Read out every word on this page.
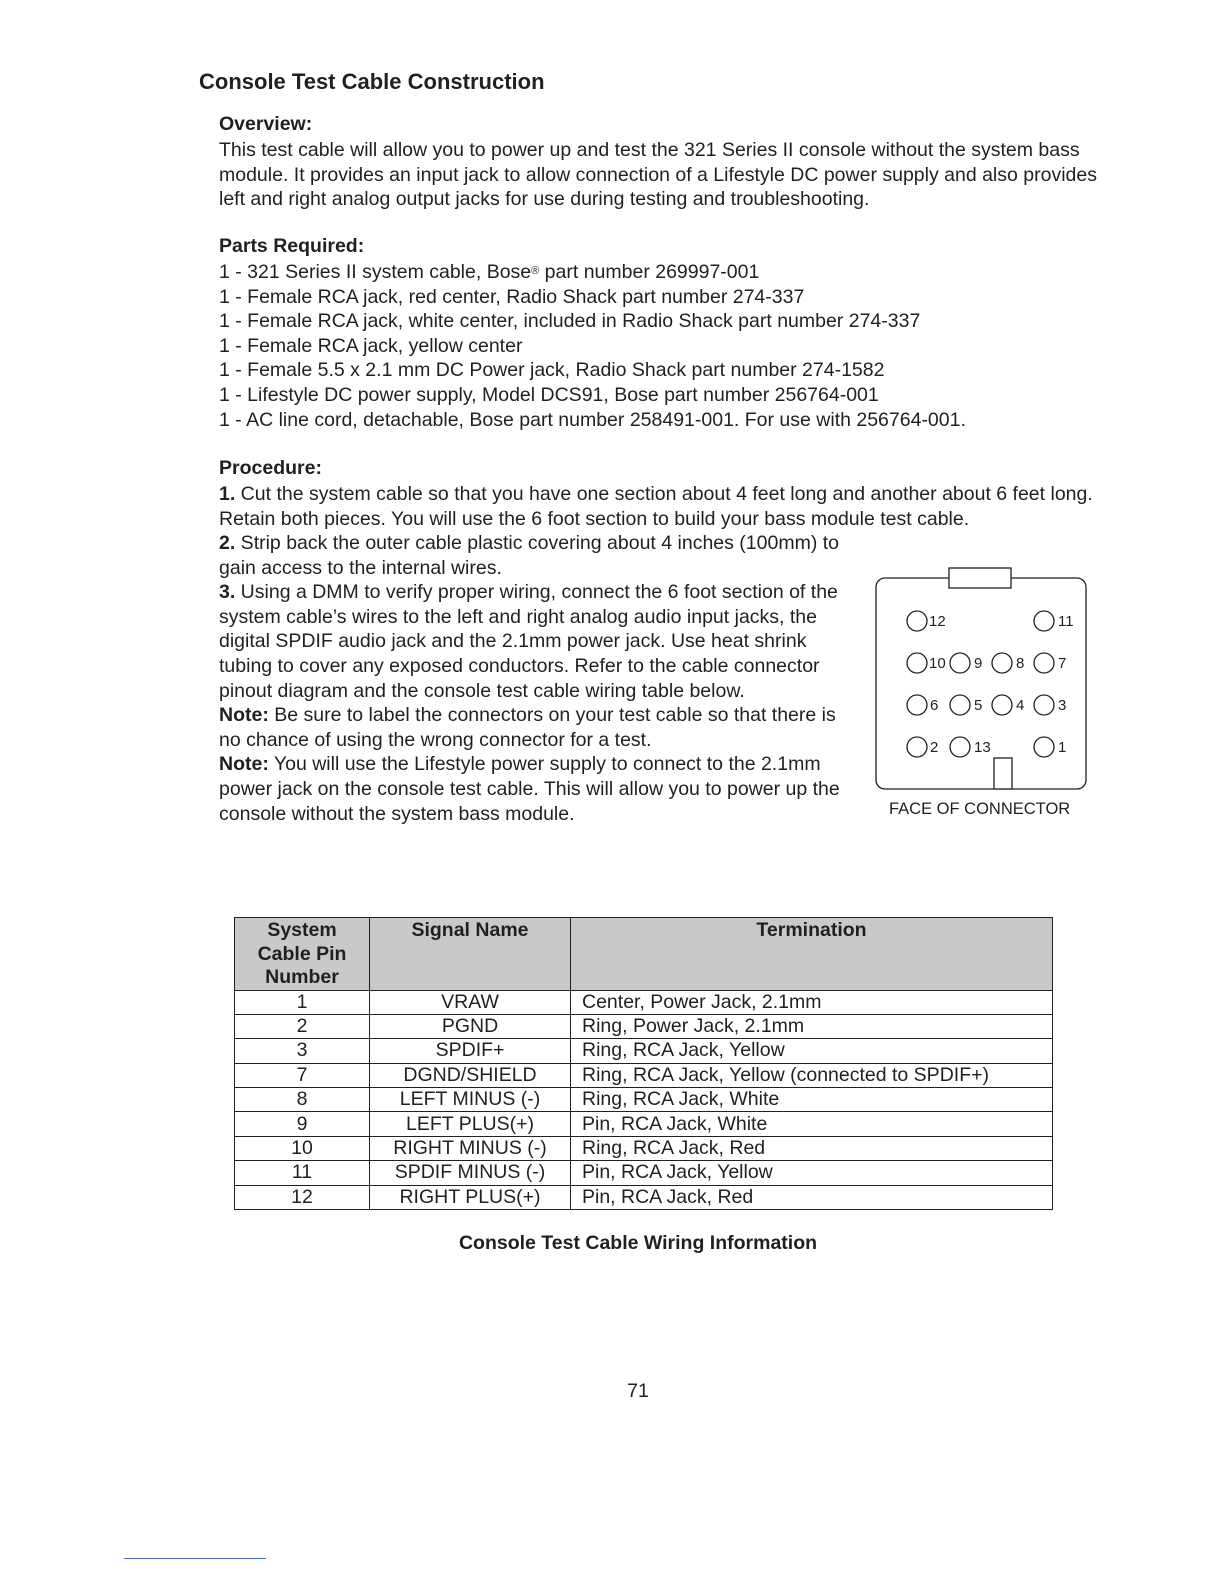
Console Test Cable Construction
Overview:
This test cable will allow you to power up and test the 321 Series II console without the system bass module. It provides an input jack to allow connection of a Lifestyle DC power supply and also provides left and right analog output jacks for use during testing and troubleshooting.
Parts Required:
1 - 321 Series II system cable, Bose® part number 269997-001
1 - Female RCA jack, red center, Radio Shack part number 274-337
1 - Female RCA jack, white center, included in Radio Shack part number 274-337
1 - Female RCA jack, yellow center
1 - Female 5.5 x 2.1 mm DC Power jack, Radio Shack part number 274-1582
1 - Lifestyle DC power supply, Model DCS91, Bose part number 256764-001
1 - AC line cord, detachable, Bose part number 258491-001. For use with 256764-001.
Procedure:
1. Cut the system cable so that you have one section about 4 feet long and another about 6 feet long. Retain both pieces. You will use the 6 foot section to build your bass module test cable.
2. Strip back the outer cable plastic covering about 4 inches (100mm) to gain access to the internal wires.
3. Using a DMM to verify proper wiring, connect the 6 foot section of the system cable’s wires to the left and right analog audio input jacks, the digital SPDIF audio jack and the 2.1mm power jack. Use heat shrink tubing to cover any exposed conductors. Refer to the cable connector pinout diagram and the console test cable wiring table below.
Note: Be sure to label the connectors on your test cable so that there is no chance of using the wrong connector for a test.
Note: You will use the Lifestyle power supply to connect to the 2.1mm power jack on the console test cable. This will allow you to power up the console without the system bass module.
12	11
10 9 8 7
6 5 4 3
2 13	1
FACE OF CONNECTOR
System
Cable Pin
Number	Signal Name	Termination
1	VRAW	Center, Power Jack, 2.1mm
2	PGND	Ring, Power Jack, 2.1mm
3	SPDIF+	Ring, RCA Jack, Yellow
7	DGND/SHIELD	Ring, RCA Jack, Yellow (connected to SPDIF+)
8	LEFT MINUS (-)	Ring, RCA Jack, White
9	LEFT PLUS(+)	Pin, RCA Jack, White
10	RIGHT MINUS (-)	Ring, RCA Jack, Red
11	SPDIF MINUS (-)	Pin, RCA Jack, Yellow
12	RIGHT PLUS(+)	Pin, RCA Jack, Red
Console Test Cable Wiring Information
71
